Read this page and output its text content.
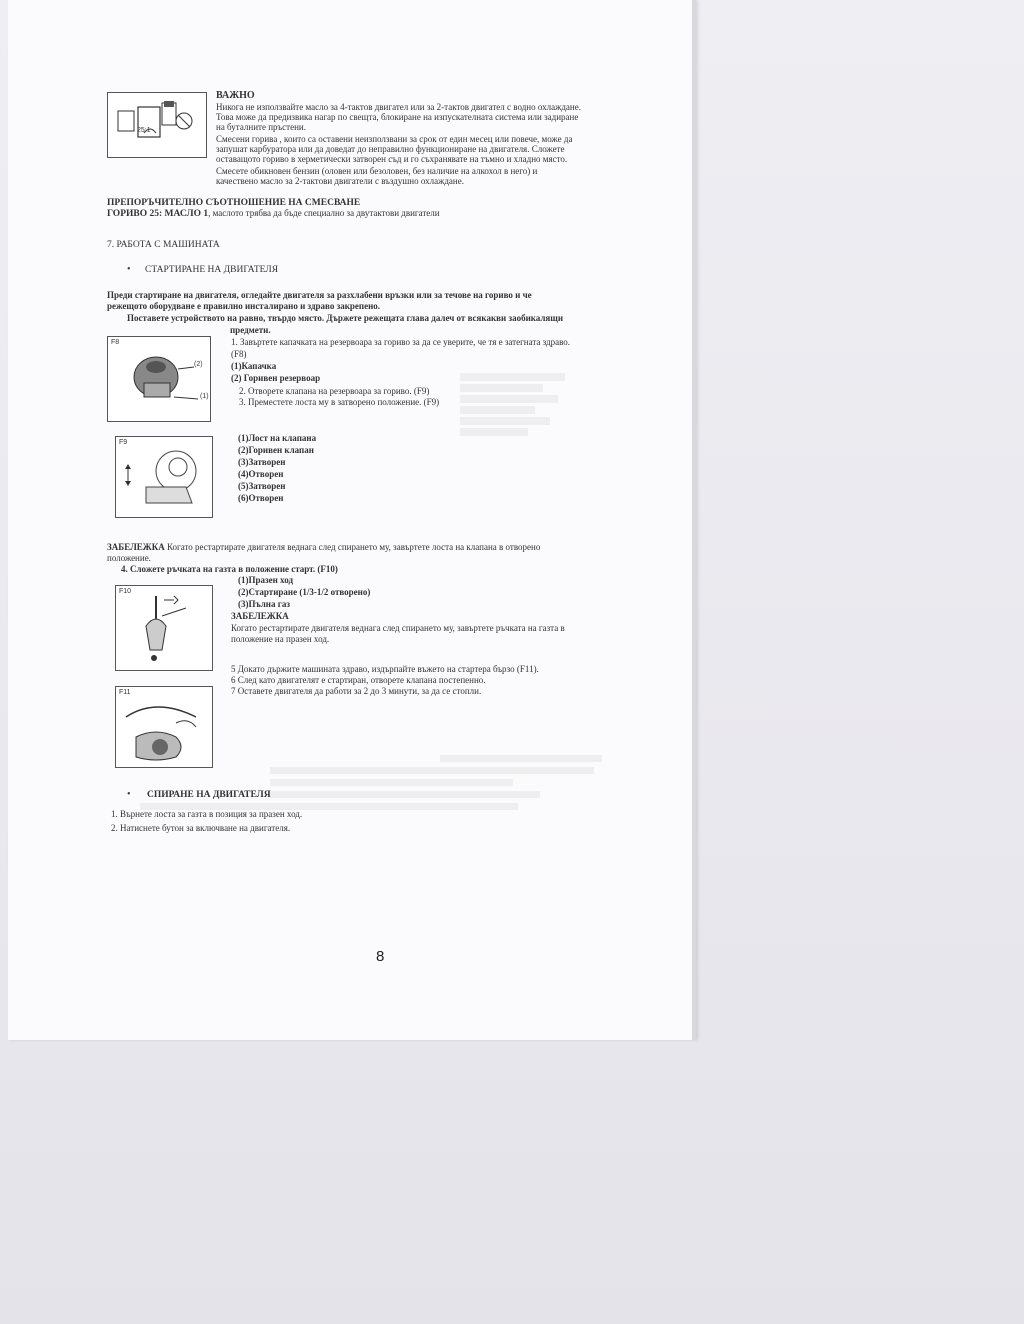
25:1
ВАЖНО
Никога не използвайте масло за 4-тактов двигател или за 2-тактов двигател с водно охлаждане.
Това може да предизвика нагар по свещта, блокиране на изпускателната система или задиране
на буталните пръстени.
Смесени горива , които са оставени неизползвани за срок от един месец или повече, може да
запушат карбуратора или да доведат до неправилно функциониране на двигателя. Сложете
оставащото гориво в херметически затворен съд и го съхранявате на тъмно и хладно място.
Смесете обикновен бензин (оловен или безоловен, без наличие на алкохол в него) и
качествено масло за 2-тактови двигатели с въздушно охлаждане.
ПРЕПОРЪЧИТЕЛНО СЪОТНОШЕНИЕ НА СМЕСВАНЕ
ГОРИВО 25: МАСЛО 1, маслото трябва да бъде специално за двутактови двигатели
7. РАБОТА С МАШИНАТА
• СТАРТИРАНЕ НА ДВИГАТЕЛЯ
Преди стартиране на двигателя, огледайте двигателя за разхлабени връзки или за течове на гориво и че
режещото оборудване е правилно инсталирано и здраво закрепено.
Поставете устройството на равно, твърдо място. Държете режещата глава далеч от всякакви заобикалящи
предмети.
F8
(2)
(1)
1. Завъртете капачката на резервоара за гориво за да се уверите, че тя е затегната здраво.
(F8)
(1)Капачка
(2) Горивен резервоар
2. Отворете клапана на резервоара за гориво. (F9)
3. Преместете лоста му в затворено положение. (F9)
F9	(1)Лост на клапана
(2)Горивен клапан
(3)Затворен
(4)Отворен
(5)Затворен
(6)Отворен
ЗАБЕЛЕЖКА Когато рестартирате двигателя веднага след спирането му, завъртете лоста на клапана в отворено
положение.
4. Сложете ръчката на газта в положение старт. (F10)
F10
(1)Празен ход
(2)Стартиране (1/3-1/2 отворено)
(3)Пълна газ
ЗАБЕЛЕЖКА
Когато рестартирате двигателя веднага след спирането му, завъртете ръчката на газта в
положение на празен ход.
5 Докато държите машината здраво, издърпайте въжето на стартера бързо (F11).
6 След като двигателят е стартиран, отворете клапана постепенно.
7 Оставете двигателя да работи за 2 до 3 минути, за да се стопли.
F11
• СПИРАНЕ НА ДВИГАТЕЛЯ
1. Върнете лоста за газта в позиция за празен ход.
2. Натиснете бутон за включване на двигателя.
8
